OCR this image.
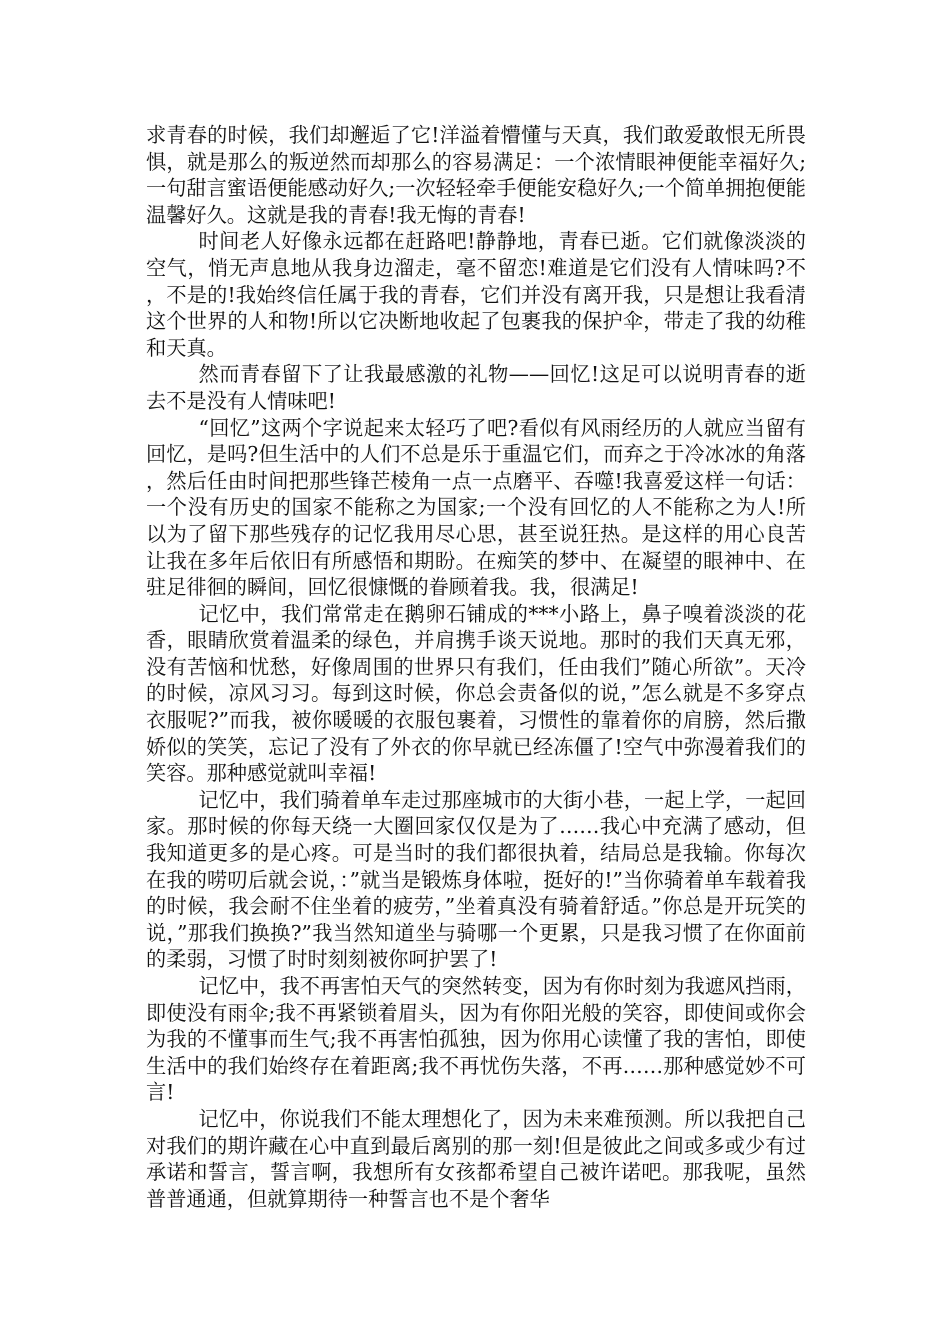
求青春的时候，我们却邂逅了它!洋溢着懵懂与天真，我们敢爱敢恨无所畏惧，就是那么的叛逆然而却那么的容易满足：一个浓情眼神便能幸福好久;一句甜言蜜语便能感动好久;一次轻轻牵手便能安稳好久;一个简单拥抱便能温馨好久。这就是我的青春!我无悔的青春!

时间老人好像永远都在赶路吧!静静地，青春已逝。它们就像淡淡的空气，悄无声息地从我身边溜走，毫不留恋!难道是它们没有人情味吗?不，不是的!我始终信任属于我的青春，它们并没有离开我，只是想让我看清这个世界的人和物!所以它决断地收起了包裹我的保护伞，带走了我的幼稚和天真。

然而青春留下了让我最感激的礼物——回忆!这足可以说明青春的逝去不是没有人情味吧!

“回忆”这两个字说起来太轻巧了吧?看似有风雨经历的人就应当留有回忆，是吗?但生活中的人们不总是乐于重温它们，而弃之于冷冰冰的角落，然后任由时间把那些锋芒棱角一点一点磨平、吞噬!我喜爱这样一句话：一个没有历史的国家不能称之为国家;一个没有回忆的人不能称之为人!所以为了留下那些残存的记忆我用尽心思，甚至说狂热。是这样的用心良苦让我在多年后依旧有所感悟和期盼。在痴笑的梦中、在凝望的眼神中、在驻足徘徊的瞬间，回忆很慷慨的眷顾着我。我，很满足!

记忆中，我们常常走在鹅卵石铺成的***小路上，鼻子嗅着淡淡的花香，眼睛欣赏着温柔的绿色，并肩携手谈天说地。那时的我们天真无邪，没有苦恼和忧愁，好像周围的世界只有我们，任由我们”随心所欲”。天冷的时候，凉风习习。每到这时候，你总会责备似的说，”怎么就是不多穿点衣服呢?”而我，被你暖暖的衣服包裹着，习惯性的靠着你的肩膀，然后撒娇似的笑笑，忘记了没有了外衣的你早就已经冻僵了!空气中弥漫着我们的笑容。那种感觉就叫幸福!

记忆中，我们骑着单车走过那座城市的大街小巷，一起上学，一起回家。那时候的你每天绕一大圈回家仅仅是为了……我心中充满了感动，但我知道更多的是心疼。可是当时的我们都很执着，结局总是我输。你每次在我的唠叨后就会说，：”就当是锻炼身体啦，挺好的!”当你骑着单车载着我的时候，我会耐不住坐着的疲劳，”坐着真没有骑着舒适。”你总是开玩笑的说，”那我们换换?”我当然知道坐与骑哪一个更累，只是我习惯了在你面前的柔弱，习惯了时时刻刻被你呵护罢了!

记忆中，我不再害怕天气的突然转变，因为有你时刻为我遮风挡雨，即使没有雨伞;我不再紧锁着眉头，因为有你阳光般的笑容，即使间或你会为我的不懂事而生气;我不再害怕孤独，因为你用心读懂了我的害怕，即使生活中的我们始终存在着距离;我不再忧伤失落，不再……那种感觉妙不可言!

记忆中，你说我们不能太理想化了，因为未来难预测。所以我把自己对我们的期许藏在心中直到最后离别的那一刻!但是彼此之间或多或少有过承诺和誓言，誓言啊，我想所有女孩都希望自己被许诺吧。那我呢，虽然普普通通，但就算期待一种誓言也不是个奢华
